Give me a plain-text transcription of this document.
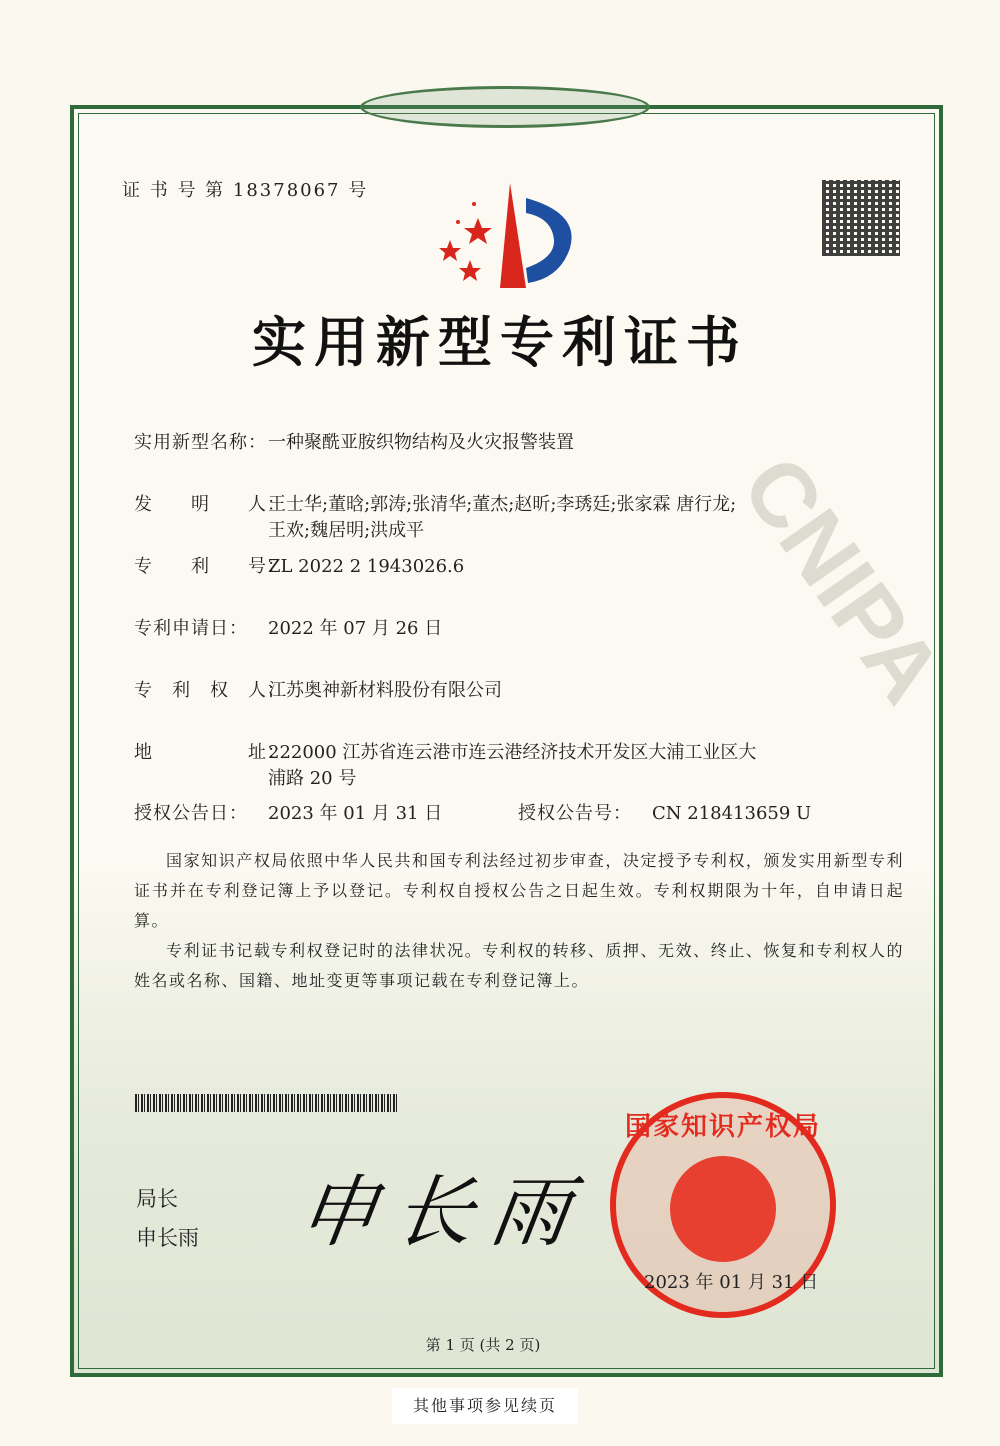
CNIPA
证 书 号 第 18378067 号
实用新型专利证书
实用新型名称： 一种聚酰亚胺织物结构及火灾报警装置
发　　明　　人：
王士华;董晗;郭涛;张清华;董杰;赵昕;李琇廷;张家霖 唐行龙;王欢;魏居明;洪成平
专　　利　　号：
ZL 2022 2 1943026.6
专利申请日：	2022 年 07 月 26 日
专　利　权　人：
江苏奥神新材料股份有限公司
地　　　　　址：
222000 江苏省连云港市连云港经济技术开发区大浦工业区大浦路 20 号
授权公告日：	2023 年 01 月 31 日	授权公告号：	CN 218413659 U
国家知识产权局依照中华人民共和国专利法经过初步审查，决定授予专利权，颁发实用新型专利证书并在专利登记簿上予以登记。专利权自授权公告之日起生效。专利权期限为十年，自申请日起算。
专利证书记载专利权登记时的法律状况。专利权的转移、质押、无效、终止、恢复和专利权人的姓名或名称、国籍、地址变更等事项记载在专利登记簿上。
局长
申长雨 申长雨
国家知识产权局
2023 年 01 月 31 日
第 1 页 (共 2 页)
其他事项参见续页
